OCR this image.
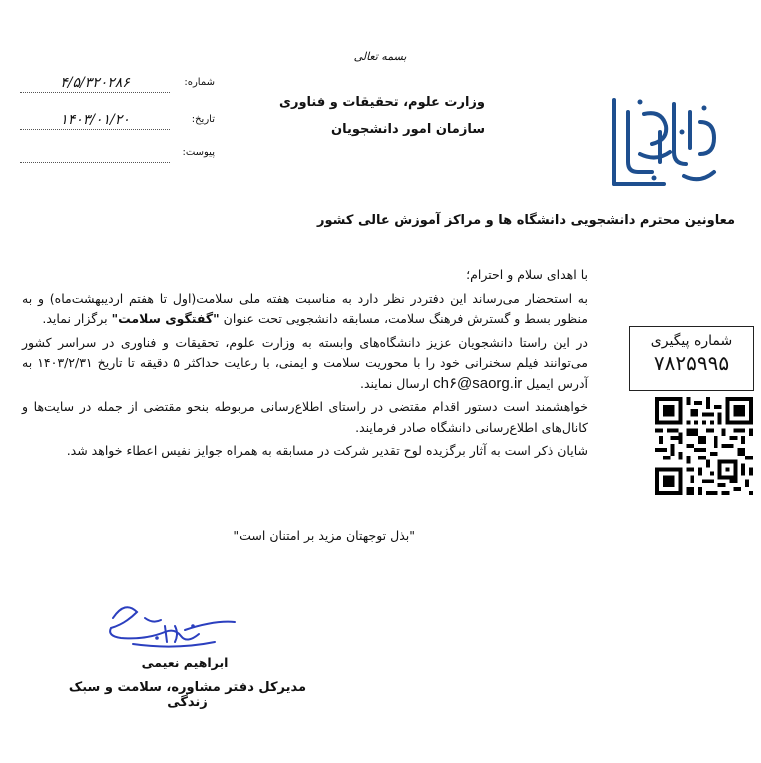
بسمه تعالی
وزارت علوم، تحقیقات و فناوری
سازمان امور دانشجویان
شماره:
۴/۵/۳۲۰۲۸۶
تاریخ:
۱۴۰۳/۰۱/۲۰
پیوست:
معاونین محترم دانشجویی دانشگاه ها و مراکز آموزش عالی کشور

با اهدای سلام و احترام؛

به استحضار می‌رساند این دفتردر نظر دارد به مناسبت هفته ملی سلامت(اول تا هفتم اردیبهشت‌ماه) و به منظور بسط و گسترش فرهنگ سلامت، مسابقه دانشجویی تحت عنوان "گفتگوی سلامت" برگزار نماید.

در این راستا دانشجویان عزیز دانشگاه‌های وابسته به وزارت علوم، تحقیقات و فناوری در سراسر کشور می‌توانند فیلم سخنرانی خود را با محوریت سلامت و ایمنی، با رعایت حداکثر ۵ دقیقه تا تاریخ ۱۴۰۳/۲/۳۱ به آدرس ایمیل ch۶@saorg.ir ارسال نمایند.

خواهشمند است دستور اقدام مقتضی در راستای اطلاع‌رسانی مربوطه بنحو مقتضی از جمله در سایت‌ها و کانال‌های اطلاع‌رسانی دانشگاه صادر فرمایند.

شایان ذکر است به آثار برگزیده لوح تقدیر شرکت در مسابقه به همراه جوایز نفیس اعطاء خواهد شد.

شماره پیگیری
۷۸۲۵۹۹۵
"بذل توجهتان مزید بر امتنان است"
ابراهیم نعیمی
مدیرکل دفتر مشاوره، سلامت و سبک زندگی
